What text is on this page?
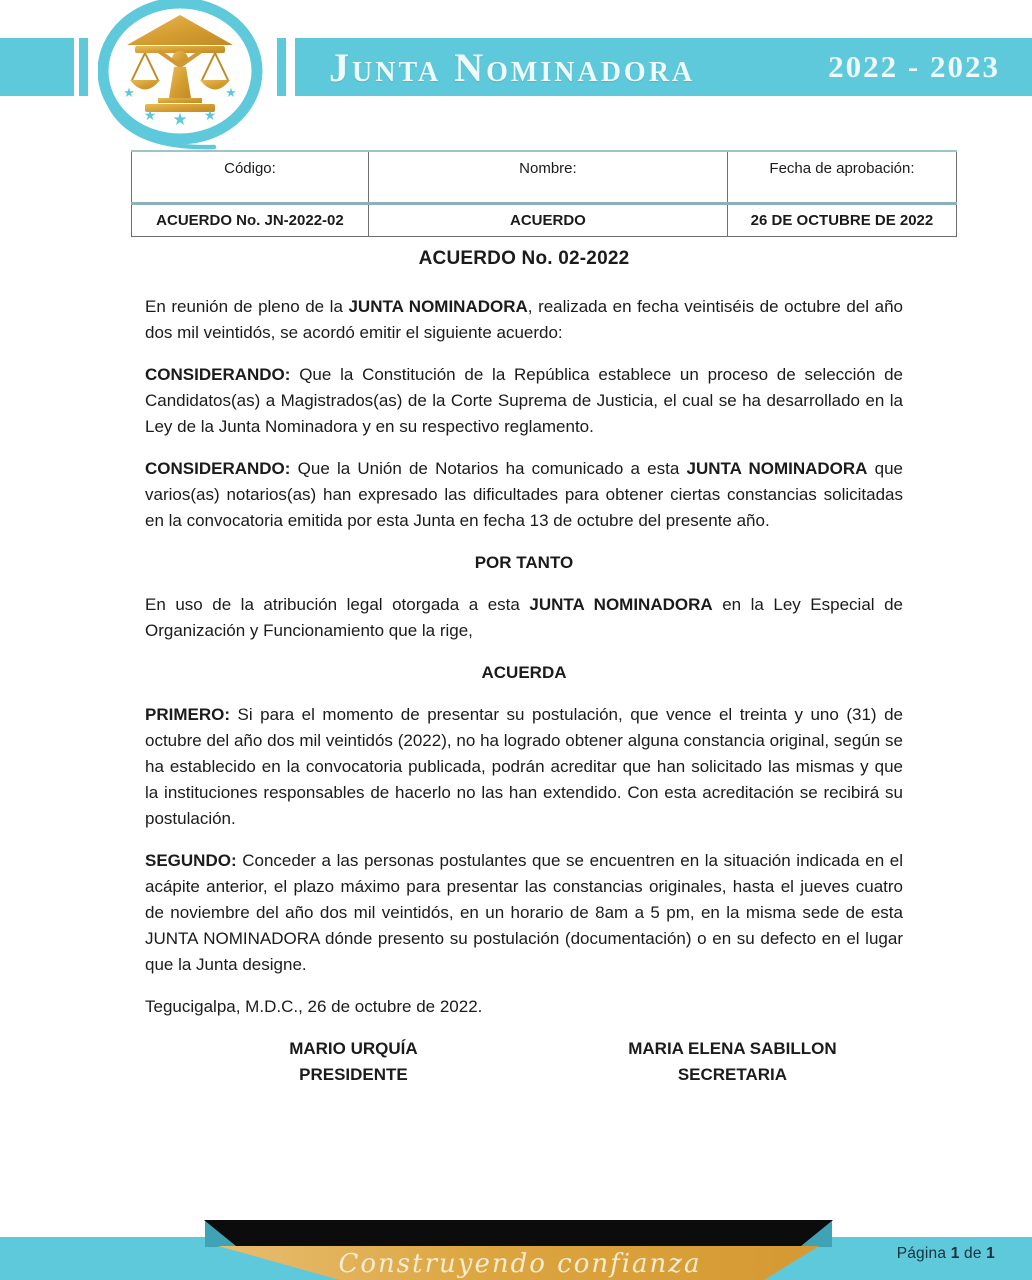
Junta Nominadora	2022 - 2023
★	★
★ ★ ★
Código:	Nombre:	Fecha de aprobación:
ACUERDO No. JN-2022-02	ACUERDO	26 DE OCTUBRE DE 2022
ACUERDO No. 02-2022

En reunión de pleno de la JUNTA NOMINADORA, realizada en fecha veintiséis de octubre del año dos mil veintidós, se acordó emitir el siguiente acuerdo:

CONSIDERANDO: Que la Constitución de la República establece un proceso de selección de Candidatos(as) a Magistrados(as) de la Corte Suprema de Justicia, el cual se ha desarrollado en la Ley de la Junta Nominadora y en su respectivo reglamento.

CONSIDERANDO: Que la Unión de Notarios ha comunicado a esta JUNTA NOMINADORA que varios(as) notarios(as) han expresado las dificultades para obtener ciertas constancias solicitadas en la convocatoria emitida por esta Junta en fecha 13 de octubre del presente año.

POR TANTO

En uso de la atribución legal otorgada a esta JUNTA NOMINADORA en la Ley Especial de Organización y Funcionamiento que la rige,

ACUERDA

PRIMERO: Si para el momento de presentar su postulación, que vence el treinta y uno (31) de octubre del año dos mil veintidós (2022), no ha logrado obtener alguna constancia original, según se ha establecido en la convocatoria publicada, podrán acreditar que han solicitado las mismas y que la instituciones responsables de hacerlo no las han extendido. Con esta acreditación se recibirá su postulación.

SEGUNDO: Conceder a las personas postulantes que se encuentren en la situación indicada en el acápite anterior, el plazo máximo para presentar las constancias originales, hasta el jueves cuatro de noviembre del año dos mil veintidós, en un horario de 8am a 5 pm, en la misma sede de esta JUNTA NOMINADORA dónde presento su postulación (documentación) o en su defecto en el lugar que la Junta designe.

Tegucigalpa, M.D.C., 26 de octubre de 2022.

MARIO URQUÍA
PRESIDENTE
MARIA ELENA SABILLON
SECRETARIA
Construyendo confianza	Página 1 de 1
